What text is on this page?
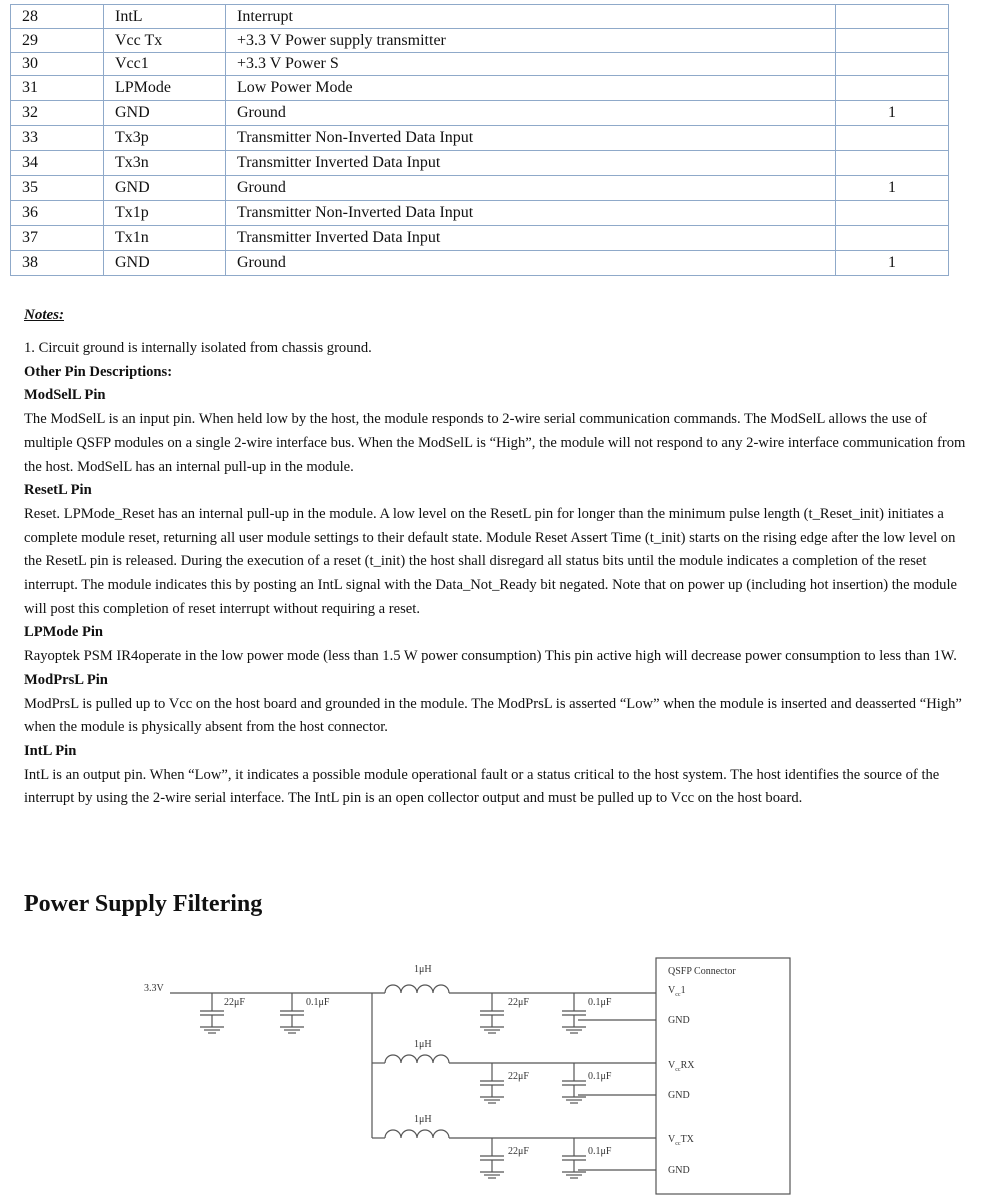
28	IntL	Interrupt	
29	Vcc Tx	+3.3 V Power supply transmitter	
30	Vcc1	+3.3 V Power S	
31	LPMode	Low Power Mode	
32	GND	Ground	1
33	Tx3p	Transmitter Non-Inverted Data Input	
34	Tx3n	Transmitter Inverted Data Input	
35	GND	Ground	1
36	Tx1p	Transmitter Non-Inverted Data Input	
37	Tx1n	Transmitter Inverted Data Input	
38	GND	Ground	1

Notes:

1. Circuit ground is internally isolated from chassis ground.

Other Pin Descriptions:

ModSelL Pin

The ModSelL is an input pin. When held low by the host, the module responds to 2-wire serial communication commands. The ModSelL allows the use of multiple QSFP modules on a single 2-wire interface bus. When the ModSelL is “High”, the module will not respond to any 2-wire interface communication from the host. ModSelL has an internal pull-up in the module.

ResetL Pin

Reset. LPMode_Reset has an internal pull-up in the module. A low level on the ResetL pin for longer than the minimum pulse length (t_Reset_init) initiates a complete module reset, returning all user module settings to their default state. Module Reset Assert Time (t_init) starts on the rising edge after the low level on the ResetL pin is released. During the execution of a reset (t_init) the host shall disregard all status bits until the module indicates a completion of the reset interrupt. The module indicates this by posting an IntL signal with the Data_Not_Ready bit negated. Note that on power up (including hot insertion) the module will post this completion of reset interrupt without requiring a reset.

LPMode Pin

Rayoptek PSM IR4operate in the low power mode (less than 1.5 W power consumption) This pin active high will decrease power consumption to less than 1W.

ModPrsL Pin

ModPrsL is pulled up to Vcc on the host board and grounded in the module. The ModPrsL is asserted “Low” when the module is inserted and deasserted “High” when the module is physically absent from the host connector.

IntL Pin

IntL is an output pin. When “Low”, it indicates a possible module operational fault or a status critical to the host system. The host identifies the source of the interrupt by using the 2-wire serial interface. The IntL pin is an open collector output and must be pulled up to Vcc on the host board.

Power Supply Filtering
3.3V
1μH
1μH
1μH
22μF	0.1μF	22μF	0.1μF
22μF	0.1μF
22μF	0.1μF
QSFP Connector
$V_{cc}1$
GND
$V_{cc}RX$
GND
$V_{cc}TX$
GND
